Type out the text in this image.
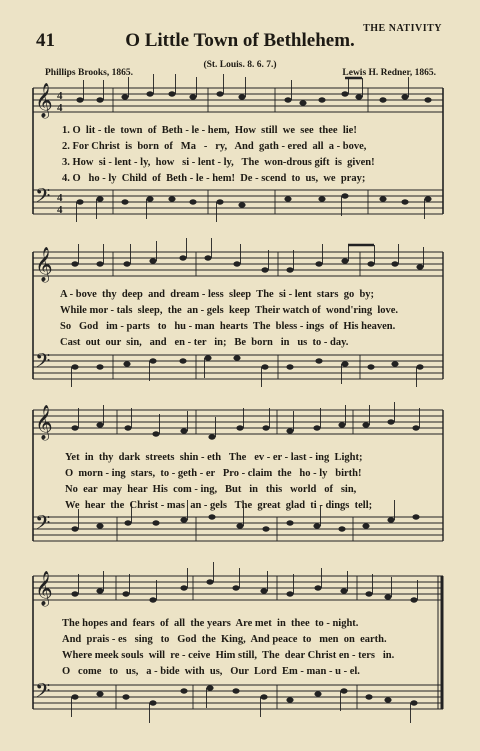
41	O Little Town of Bethlehem.
THE NATIVITY
(St. Louis. 8. 6. 7.)
Phillips Brooks, 1865.	Lewis H. Redner, 1865.
𝄞
𝄢
4
4
4
4
1. O  lit - tle  town  of  Beth - le - hem,  How  still  we  see  thee  lie!
2. For Christ  is  born  of   Ma   -   ry,   And  gath - ered  all  a - bove,
3. How  si - lent - ly,  how   si - lent - ly,   The  won-drous gift  is  given!
4. O   ho - ly  Child  of  Beth - le - hem!  De - scend  to  us,  we  pray;
𝄞
𝄢
A - bove  thy  deep  and  dream - less  sleep  The  si - lent  stars  go  by;
While mor - tals  sleep,  the  an - gels  keep  Their watch of  wond'ring  love.
So   God   im - parts   to   hu - man  hearts  The  bless - ings  of  His heaven.
Cast  out  our  sin,   and   en - ter   in;   Be  born   in   us  to - day.
𝄞
𝄢
Yet  in  thy  dark  streets  shin - eth   The   ev - er - last - ing  Light;
O  morn - ing  stars,  to - geth - er   Pro - claim  the   ho - ly   birth!
No  ear  may  hear  His  com - ing,   But   in   this   world   of   sin,
We  hear  the  Christ - mas  an - gels   The  great  glad  ti - dings  tell;
𝄞
𝄢
The hopes and  fears  of  all  the years  Are met  in  thee  to - night.
And  prais - es   sing   to   God  the  King,  And peace  to   men  on  earth.
Where meek souls  will  re - ceive  Him still,  The  dear Christ en - ters   in.
O   come   to   us,   a - bide  with  us,   Our  Lord  Em - man - u - el.
